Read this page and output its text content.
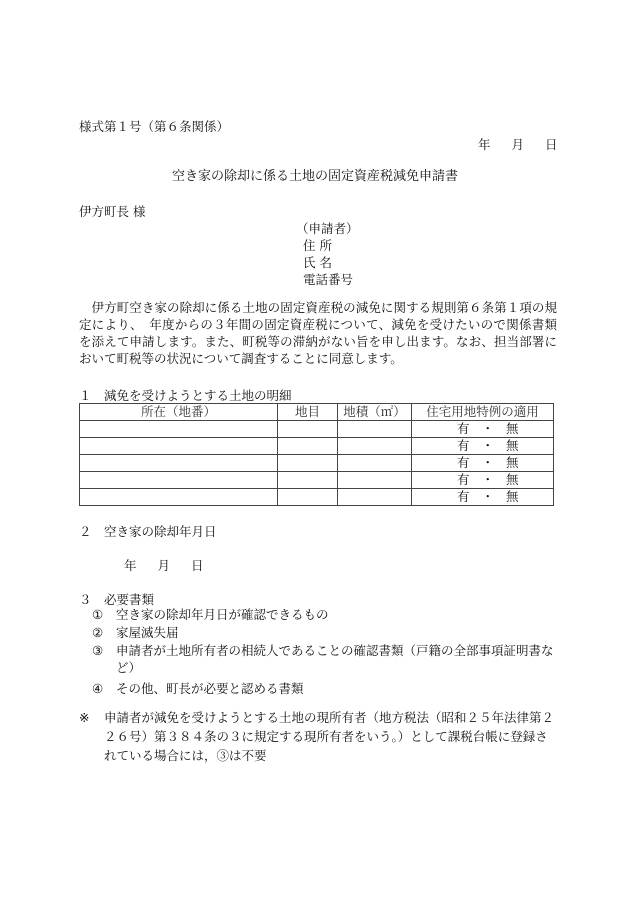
様式第１号（第６条関係）
年 月 日
空き家の除却に係る土地の固定資産税減免申請書
伊方町長 様
（申請者）
住 所
氏 名
電話番号
伊方町空き家の除却に係る土地の固定資産税の減免に関する規則第６条第１項の規定により、　年度からの３年間の固定資産税について、減免を受けたいので関係書類を添えて申請します。また、町税等の滞納がない旨を申し出ます。なお、担当部署において町税等の状況について調査することに同意します。
１　減免を受けようとする土地の明細
所在（地番）	地目	地積（㎡）	住宅用地特例の適用
			有 ・ 無
			有 ・ 無
			有 ・ 無
			有 ・ 無
			有 ・ 無
２　空き家の除却年月日
年 月 日
３　必要書類
① 空き家の除却年月日が確認できるもの
② 家屋滅失届
③ 申請者が土地所有者の相続人であることの確認書類（戸籍の全部事項証明書など）
④ その他、町長が必要と認める書類
※ 申請者が減免を受けようとする土地の現所有者（地方税法（昭和２５年法律第２２６号）第３８４条の３に規定する現所有者をいう。）として課税台帳に登録されている場合には，③は不要
